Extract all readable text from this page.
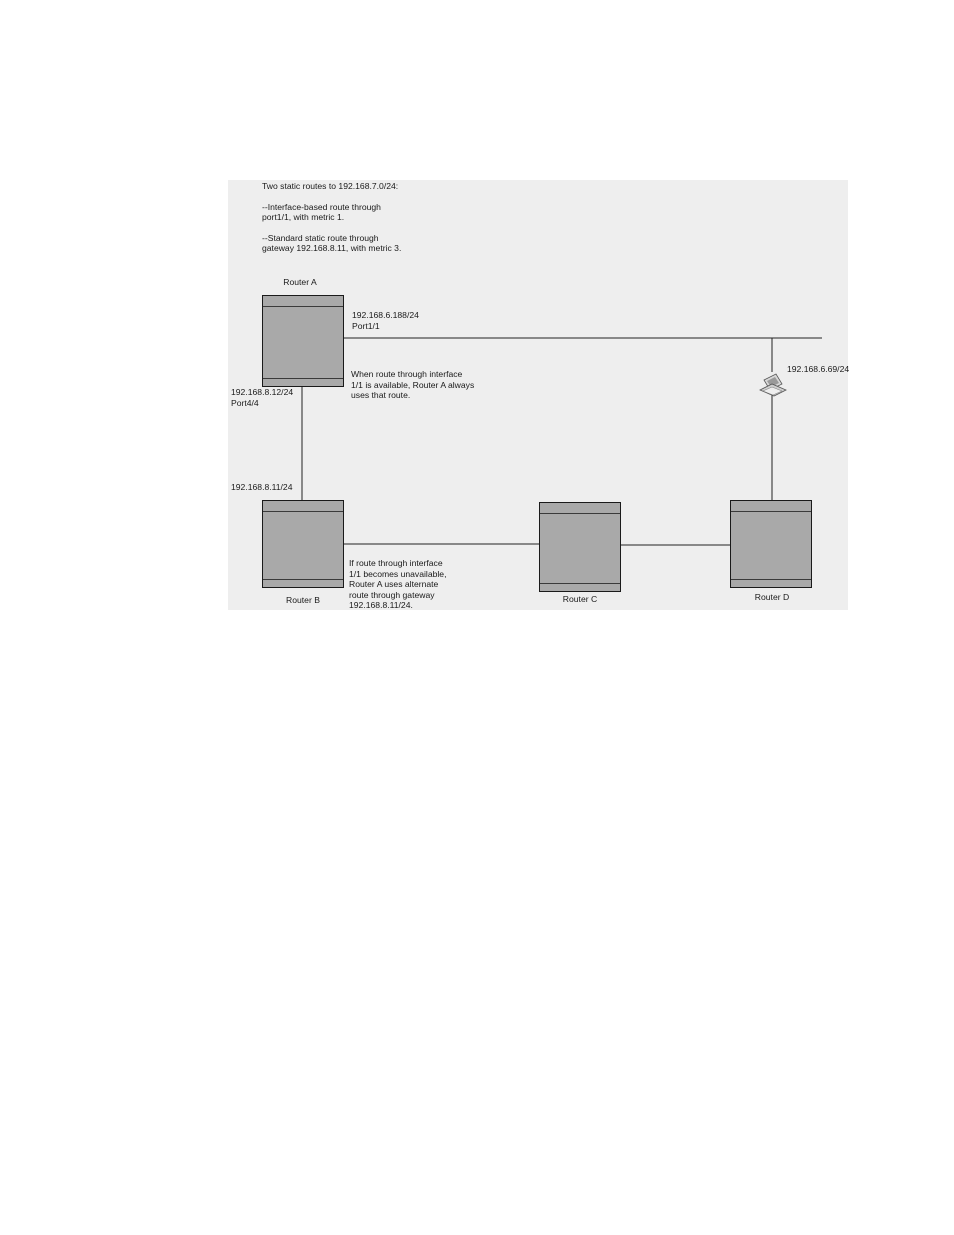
Two static routes to 192.168.7.0/24:
--Interface-based route through
port1/1, with metric 1.
--Standard static route through
gateway 192.168.8.11, with metric 3.
Router A
192.168.6.188/24
Port1/1
When route through interface
1/1 is available, Router A always
uses that route.
192.168.8.12/24
Port4/4
192.168.6.69/24
192.168.8.11/24
Router B
If route through interface
1/1 becomes unavailable,
Router A uses alternate
route through gateway
192.168.8.11/24.
Router C	Router D
